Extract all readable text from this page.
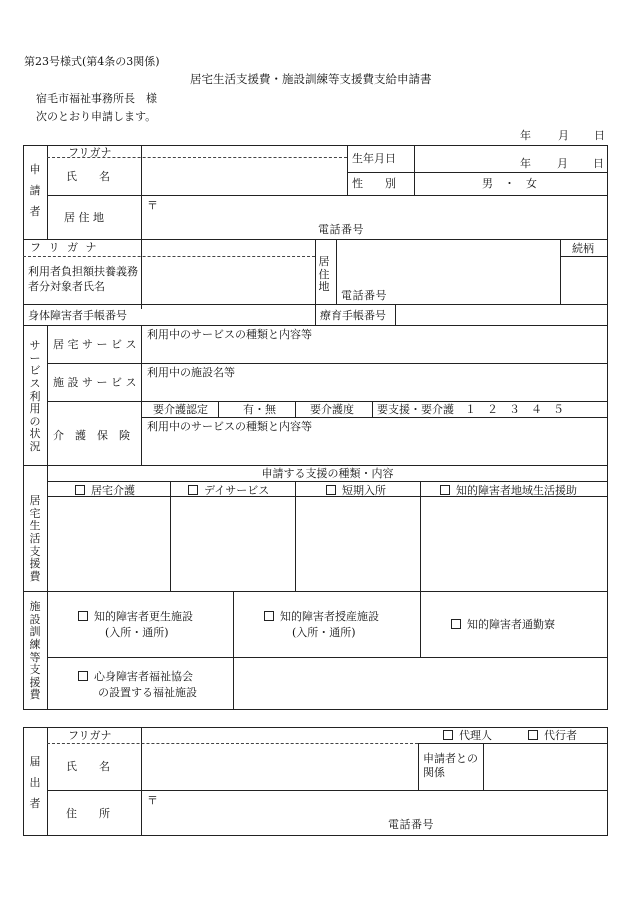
第23号様式(第4条の3関係)
居宅生活支援費・施設訓練等支援費支給申請書
宿毛市福祉事務所長　様
次のとおり申請します。
年 月 日
申請者
フリガナ
氏　　名
生年月日	年 月 日
性　　別	男　・　女
居 住 地
〒
電話番号
フ リ ガ ナ
利用者負担額扶養義務者分対象者氏名
居住地
電話番号
続柄
身体障害者手帳番号	療育手帳番号
サービス利用の状況
居 宅 サ ー ビ ス
利用中のサービスの種類と内容等
施 設 サ ー ビ ス
利用中の施設名等
要介護認定	有・無	要介護度 要支援・要介護　１　２　３　４　５
介　護　保　険
利用中のサービスの種類と内容等
申請する支援の種類・内容
居宅生活支援費
居宅介護	デイサービス	短期入所	知的障害者地域生活援助
施設訓練等支援費
知的障害者更生施設
(入所・通所)
知的障害者授産施設
(入所・通所)
知的障害者通勤寮
心身障害者福祉協会
の設置する福祉施設
届出者
フリガナ	代理人	代行者
氏　　名
申請者との関係
住　　所
〒
電話番号
